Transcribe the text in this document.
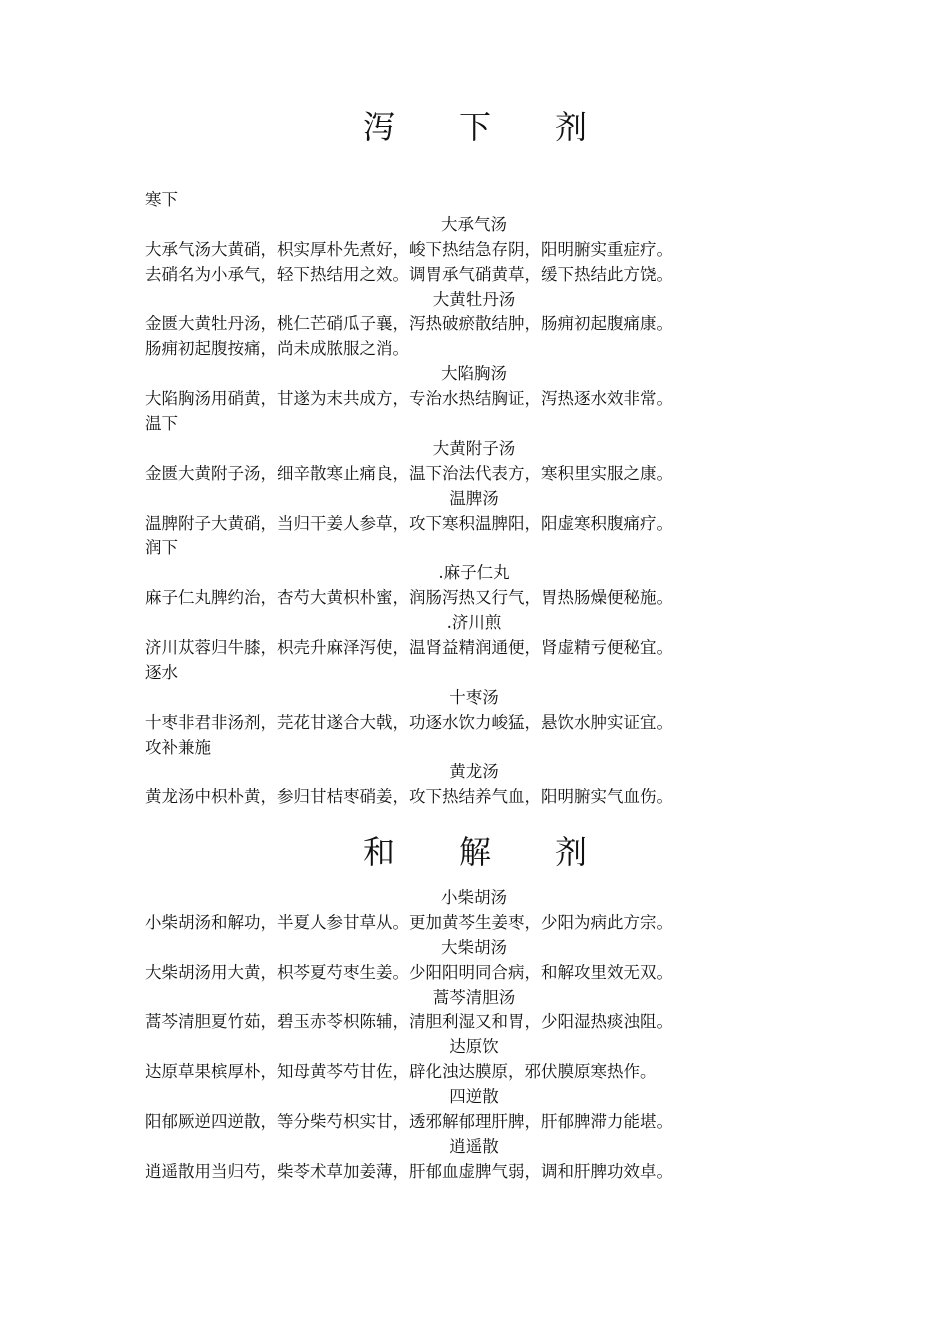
泻　　下　　剂
寒下
大承气汤
大承气汤大黄硝，枳实厚朴先煮好，峻下热结急存阴，阳明腑实重症疗。
去硝名为小承气，轻下热结用之效。调胃承气硝黄草，缓下热结此方饶。
大黄牡丹汤
金匮大黄牡丹汤，桃仁芒硝瓜子襄，泻热破瘀散结肿，肠痈初起腹痛康。
肠痈初起腹按痛，尚未成脓服之消。
大陷胸汤
大陷胸汤用硝黄，甘遂为末共成方，专治水热结胸证，泻热逐水效非常。
温下
大黄附子汤
金匮大黄附子汤，细辛散寒止痛良，温下治法代表方，寒积里实服之康。
温脾汤
温脾附子大黄硝，当归干姜人参草，攻下寒积温脾阳，阳虚寒积腹痛疗。
润下
.麻子仁丸
麻子仁丸脾约治，杏芍大黄枳朴蜜，润肠泻热又行气，胃热肠燥便秘施。
.济川煎
济川苁蓉归牛膝，枳壳升麻泽泻使，温肾益精润通便，肾虚精亏便秘宜。
逐水
十枣汤
十枣非君非汤剂，芫花甘遂合大戟，功逐水饮力峻猛，悬饮水肿实证宜。
攻补兼施
黄龙汤
黄龙汤中枳朴黄，参归甘桔枣硝姜，攻下热结养气血，阳明腑实气血伤。
和　　解　　剂
小柴胡汤
小柴胡汤和解功，半夏人参甘草从。更加黄芩生姜枣，少阳为病此方宗。
大柴胡汤
大柴胡汤用大黄，枳芩夏芍枣生姜。少阳阳明同合病，和解攻里效无双。
蒿芩清胆汤
蒿芩清胆夏竹茹，碧玉赤苓枳陈辅，清胆利湿又和胃，少阳湿热痰浊阻。
达原饮
达原草果槟厚朴，知母黄芩芍甘佐，辟化浊达膜原，邪伏膜原寒热作。
四逆散
阳郁厥逆四逆散，等分柴芍枳实甘，透邪解郁理肝脾，肝郁脾滞力能堪。
逍遥散
逍遥散用当归芍，柴苓术草加姜薄，肝郁血虚脾气弱，调和肝脾功效卓。
